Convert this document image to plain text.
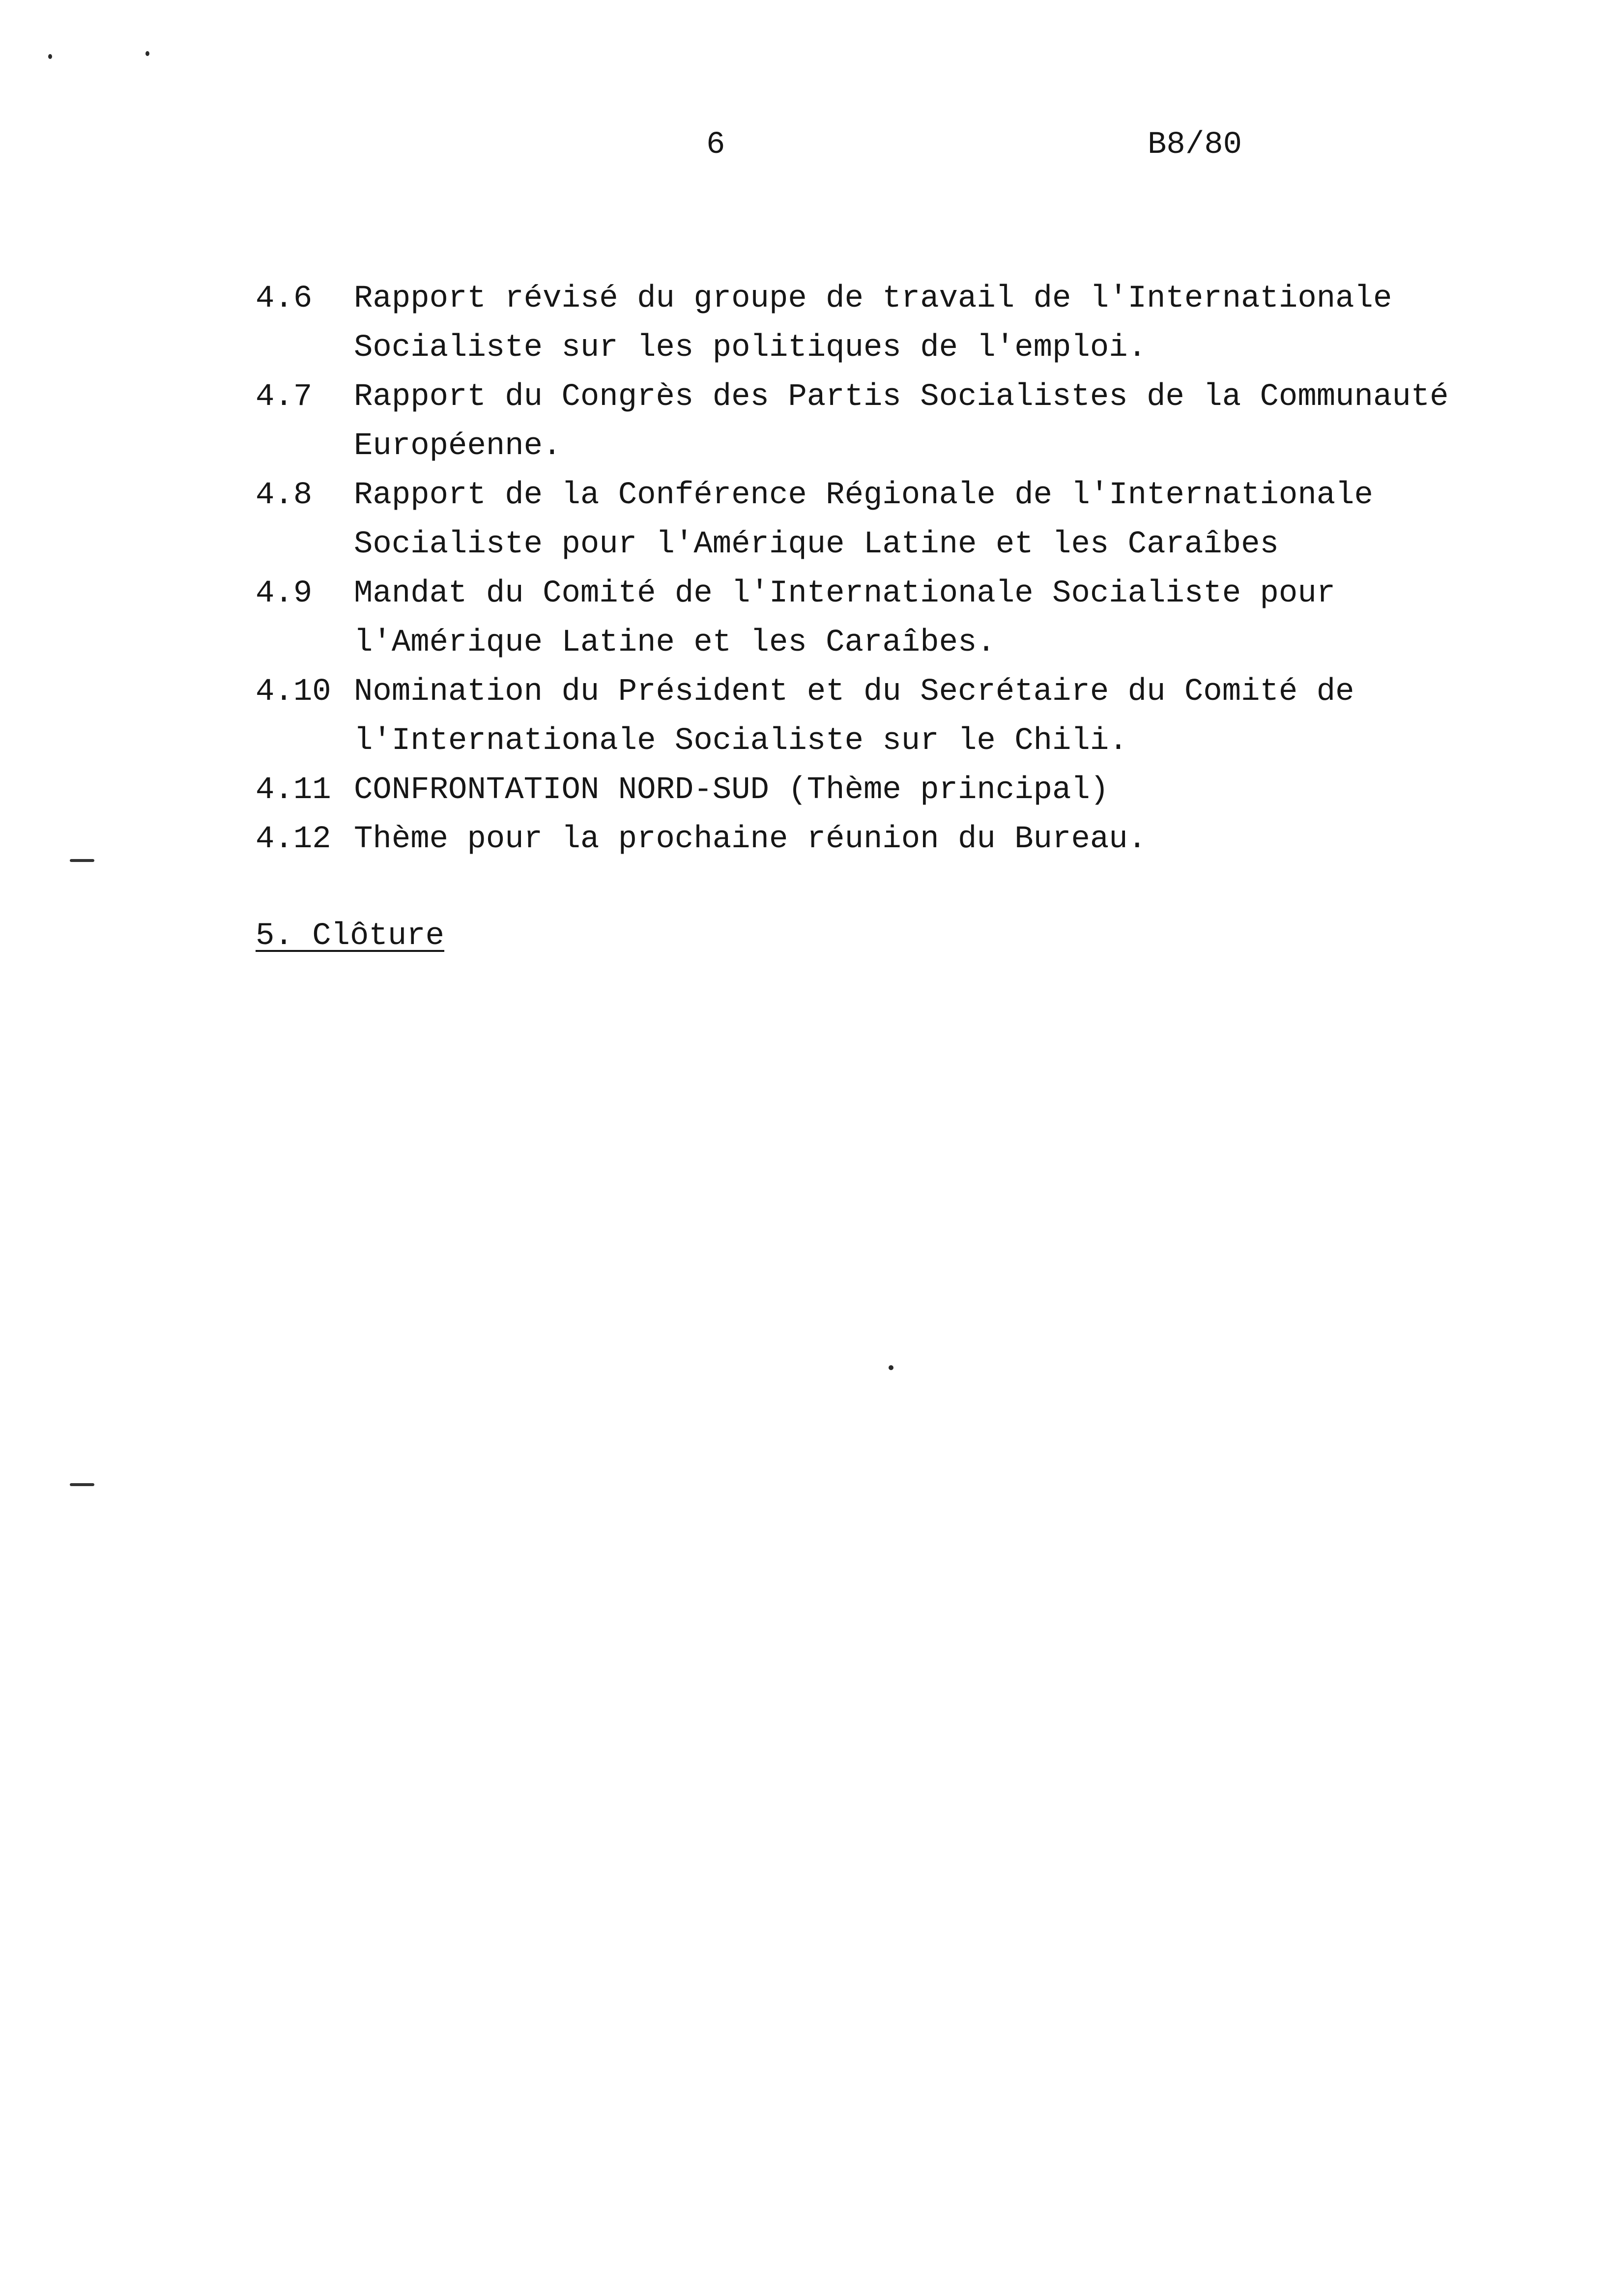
6	B8/80
4.6	Rapport révisé du groupe de travail de l'Internationale
Socialiste sur les politiques de l'emploi.
4.7	Rapport du Congrès des Partis Socialistes de la Communauté
Européenne.
4.8	Rapport de la Conférence Régionale de l'Internationale
Socialiste pour l'Amérique Latine et les Caraîbes
4.9	Mandat du Comité de l'Internationale Socialiste pour
l'Amérique Latine et les Caraîbes.
4.10 Nomination du Président et du Secrétaire du Comité de
l'Internationale Socialiste sur le Chili.
4.11 CONFRONTATION NORD-SUD (Thème principal)
4.12 Thème pour la prochaine réunion du Bureau.
5. Clôture
